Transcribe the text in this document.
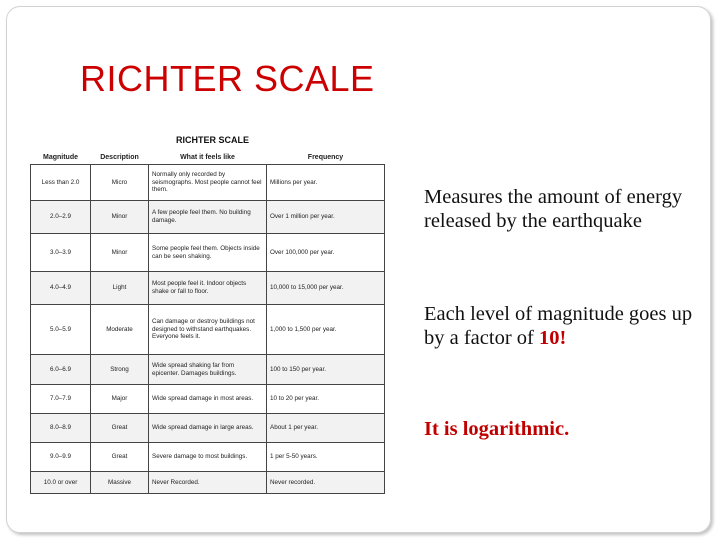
RICHTER SCALE
RICHTER SCALE
Magnitude	Description	What it feels like	Frequency
Less than 2.0	Micro	Normally only recorded by seismographs. Most people cannot feel them.	Millions per year.
2.0–2.9	Minor	A few people feel them. No building damage.	Over 1 million per year.
3.0–3.9	Minor	Some people feel them. Objects inside can be seen shaking.	Over 100,000 per year.
4.0–4.9	Light	Most people feel it. Indoor objects shake or fall to floor.	10,000 to 15,000 per year.
5.0–5.9	Moderate	Can damage or destroy buildings not designed to withstand earthquakes. Everyone feels it.	1,000 to 1,500 per year.
6.0–6.9	Strong	Wide spread shaking far from epicenter. Damages buildings.	100 to 150 per year.
7.0–7.9	Major	Wide spread damage in most areas.	10 to 20 per year.
8.0–8.9	Great	Wide spread damage in large areas.	About 1 per year.
9.0–9.9	Great	Severe damage to most buildings.	1 per 5-50 years.
10.0 or over	Massive	Never Recorded.	Never recorded.
Measures the amount of energy released by the earthquake
Each level of magnitude goes up by a factor of 10!
It is logarithmic.
